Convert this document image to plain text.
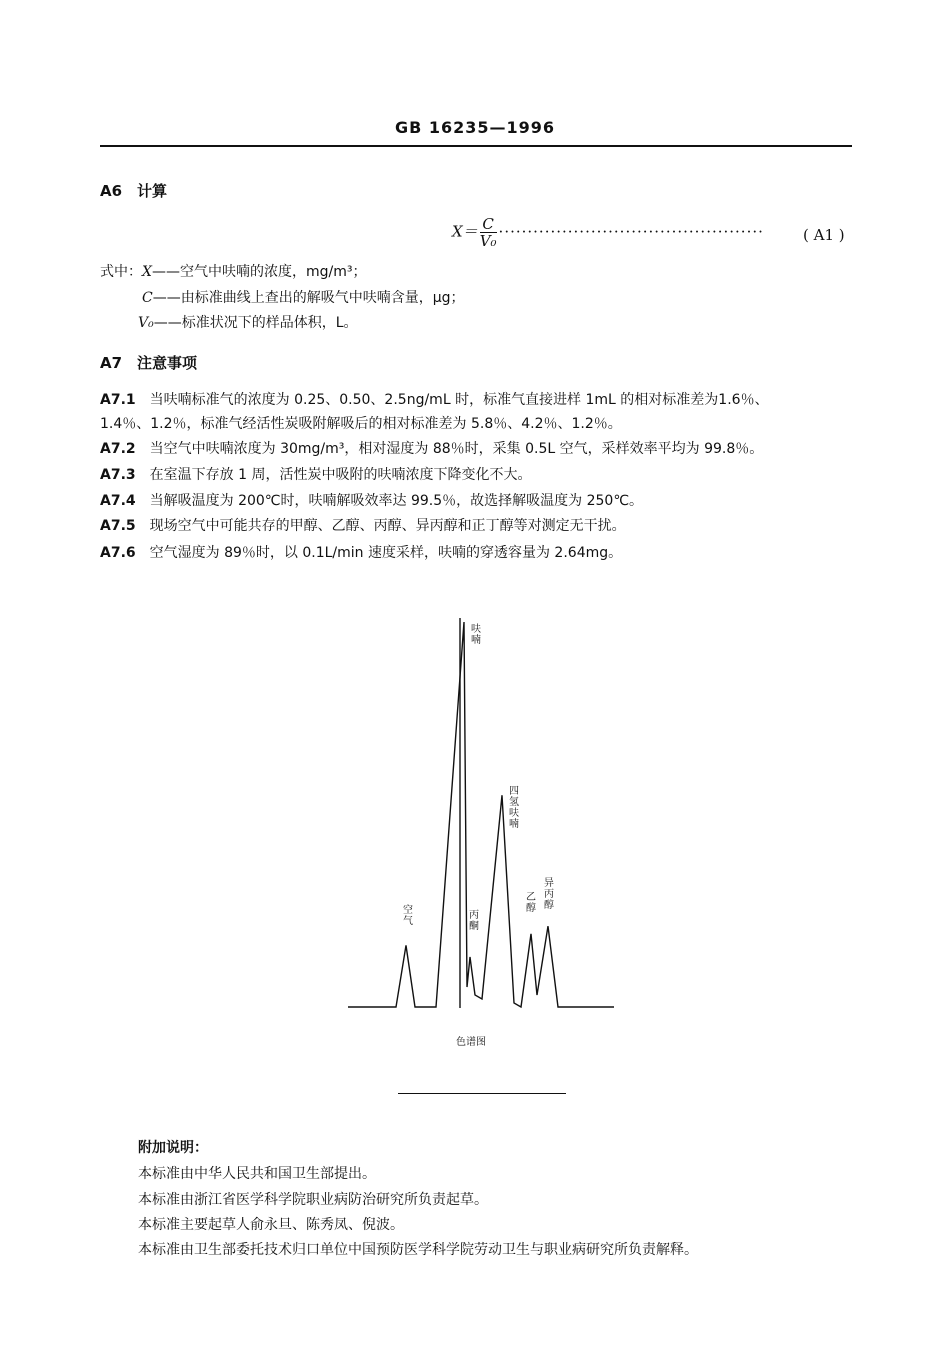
GB 16235—1996
A6　计算
$X= \frac{C}{\text{V₀}}$ ··············································	( A1 )
式中：X——空气中呋喃的浓度，mg/m³；
C——由标准曲线上查出的解吸气中呋喃含量，μg；
V₀——标准状况下的样品体积，L。
A7　注意事项
A7.1 当呋喃标准气的浓度为 0.25、0.50、2.5ng/mL 时，标准气直接进样 1mL 的相对标准差为1.6％、
1.4％、1.2％，标准气经活性炭吸附解吸后的相对标准差为 5.8％、4.2％、1.2％。
A7.2 当空气中呋喃浓度为 30mg/m³，相对湿度为 88％时，采集 0.5L 空气，采样效率平均为 99.8％。
A7.3 在室温下存放 1 周，活性炭中吸附的呋喃浓度下降变化不大。
A7.4 当解吸温度为 200℃时，呋喃解吸效率达 99.5％，故选择解吸温度为 250℃。
A7.5 现场空气中可能共存的甲醇、乙醇、丙醇、异丙醇和正丁醇等对测定无干扰。
A7.6 空气湿度为 89％时，以 0.1L/min 速度采样，呋喃的穿透容量为 2.64mg。
空气
呋喃
丙酮
四氢呋喃
乙醇
异丙醇
色谱图
附加说明：
本标准由中华人民共和国卫生部提出。
本标准由浙江省医学科学院职业病防治研究所负责起草。
本标准主要起草人俞永旦、陈秀凤、倪波。
本标准由卫生部委托技术归口单位中国预防医学科学院劳动卫生与职业病研究所负责解释。
